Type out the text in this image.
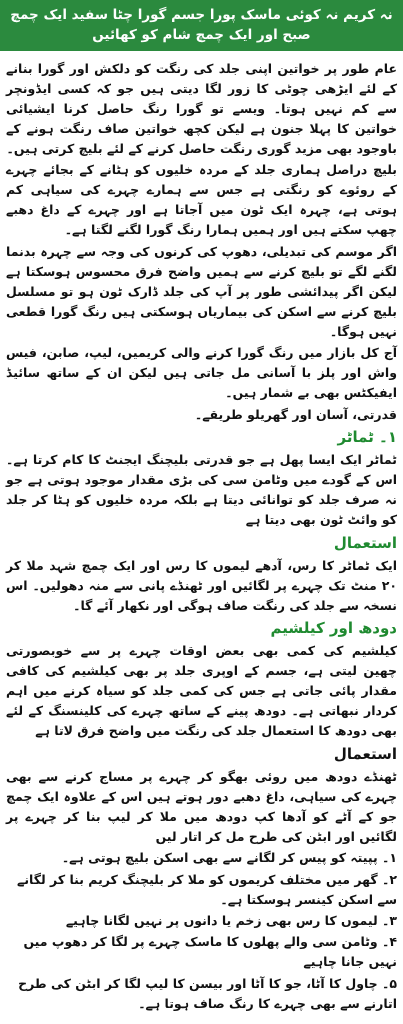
نہ کریم نہ کوئی ماسک پورا جسم گورا چٹا سفید ایک چمچ صبح اور ایک چمچ شام کو کھائیں

عام طور پر خواتین اپنی جلد کی رنگت کو دلکش اور گورا بنانے کے لئے ایڑھی چوٹی کا زور لگا دیتی ہیں جو کہ کسی ایڈونچر سے کم نہیں ہوتا۔ ویسے تو گورا رنگ حاصل کرنا ایشیائی خواتین کا پہلا جنون ہے لیکن کچھ خواتین صاف رنگت ہونے کے باوجود بھی مزید گوری رنگت حاصل کرنے کے لئے بلیچ کرتی ہیں۔

بلیچ دراصل ہماری جلد کے مردہ خلیوں کو ہٹانے کے بجائے چہرے کے روئوے کو رنگتی ہے جس سے ہمارے چہرے کی سیاہی کم ہوتی ہے، چہرہ ایک ٹون میں آجاتا ہے اور چہرے کے داغ دھبے چھپ سکتے ہیں اور ہمیں ہمارا رنگ گورا لگنے لگتا ہے۔

اگر موسم کی تبدیلی، دھوپ کی کرنوں کی وجہ سے چہرہ بدنما لگنے لگے تو بلیچ کرنے سے ہمیں واضح فرق محسوس ہوسکتا ہے لیکن اگر پیدائشی طور پر آپ کی جلد ڈارک ٹون ہو تو مسلسل بلیچ کرنے سے اسکن کی بیماریاں ہوسکتی ہیں رنگ گورا قطعی نہیں ہوگا۔

آج کل بازار میں رنگ گورا کرنے والی کریمیں، لیپ، صابن، فیس واش اور پلز با آسانی مل جاتی ہیں لیکن ان کے ساتھ سائیڈ ایفیکٹس بھی بے شمار ہیں۔

قدرتی، آسان اور گھریلو طریقے۔

۱۔ ٹماٹر

ٹماٹر ایک ایسا پھل ہے جو قدرتی بلیچنگ ایجنٹ کا کام کرتا ہے۔ اس کے گودے میں وٹامن سی کی بڑی مقدار موجود ہوتی ہے جو نہ صرف جلد کو توانائی دیتا ہے بلکہ مردہ خلیوں کو ہٹا کر جلد کو وائٹ ٹون بھی دیتا ہے

استعمال

ایک ٹماٹر کا رس، آدھے لیموں کا رس اور ایک چمچ شہد ملا کر ۲۰ منٹ تک چہرے پر لگائیں اور ٹھنڈے پانی سے منہ دھولیں۔ اس نسخہ سے جلد کی رنگت صاف ہوگی اور نکھار آئے گا۔

دودھ اور کیلشیم

کیلشیم کی کمی بھی بعض اوقات چہرے پر سے خوبصورتی چھین لیتی ہے، جسم کے اوپری جلد پر بھی کیلشیم کی کافی مقدار پائی جاتی ہے جس کی کمی جلد کو سیاہ کرنے میں اہم کردار نبھاتی ہے۔ دودھ پینے کے ساتھ چہرے کی کلینسنگ کے لئے بھی دودھ کا استعمال جلد کی رنگت میں واضح فرق لاتا ہے

استعمال

ٹھنڈے دودھ میں روئی بھگو کر چہرے پر مساج کرنے سے بھی چہرے کی سیاہی، داغ دھبے دور ہوتے ہیں اس کے علاوہ ایک چمچ جو کے آٹے کو آدھا کپ دودھ میں ملا کر لیپ بنا کر چہرے پر لگائیں اور ابٹن کی طرح مل کر اتار لیں

۱۔ پپیتہ کو پیس کر لگانے سے بھی اسکن بلیچ ہوتی ہے۔

۲۔ گھر میں مختلف کریموں کو ملا کر بلیچنگ کریم بنا کر لگانے سے اسکن کینسر ہوسکتا ہے۔

۳۔ لیموں کا رس بھی زخم یا دانوں پر نہیں لگانا چاہیے

۴۔ وٹامن سی والے پھلوں کا ماسک چہرے پر لگا کر دھوپ میں نہیں جانا چاہیے

۵۔ چاول کا آٹا، جو کا آٹا اور بیسن کا لیپ لگا کر ابٹن کی طرح اتارنے سے بھی چہرے کا رنگ صاف ہوتا ہے۔
